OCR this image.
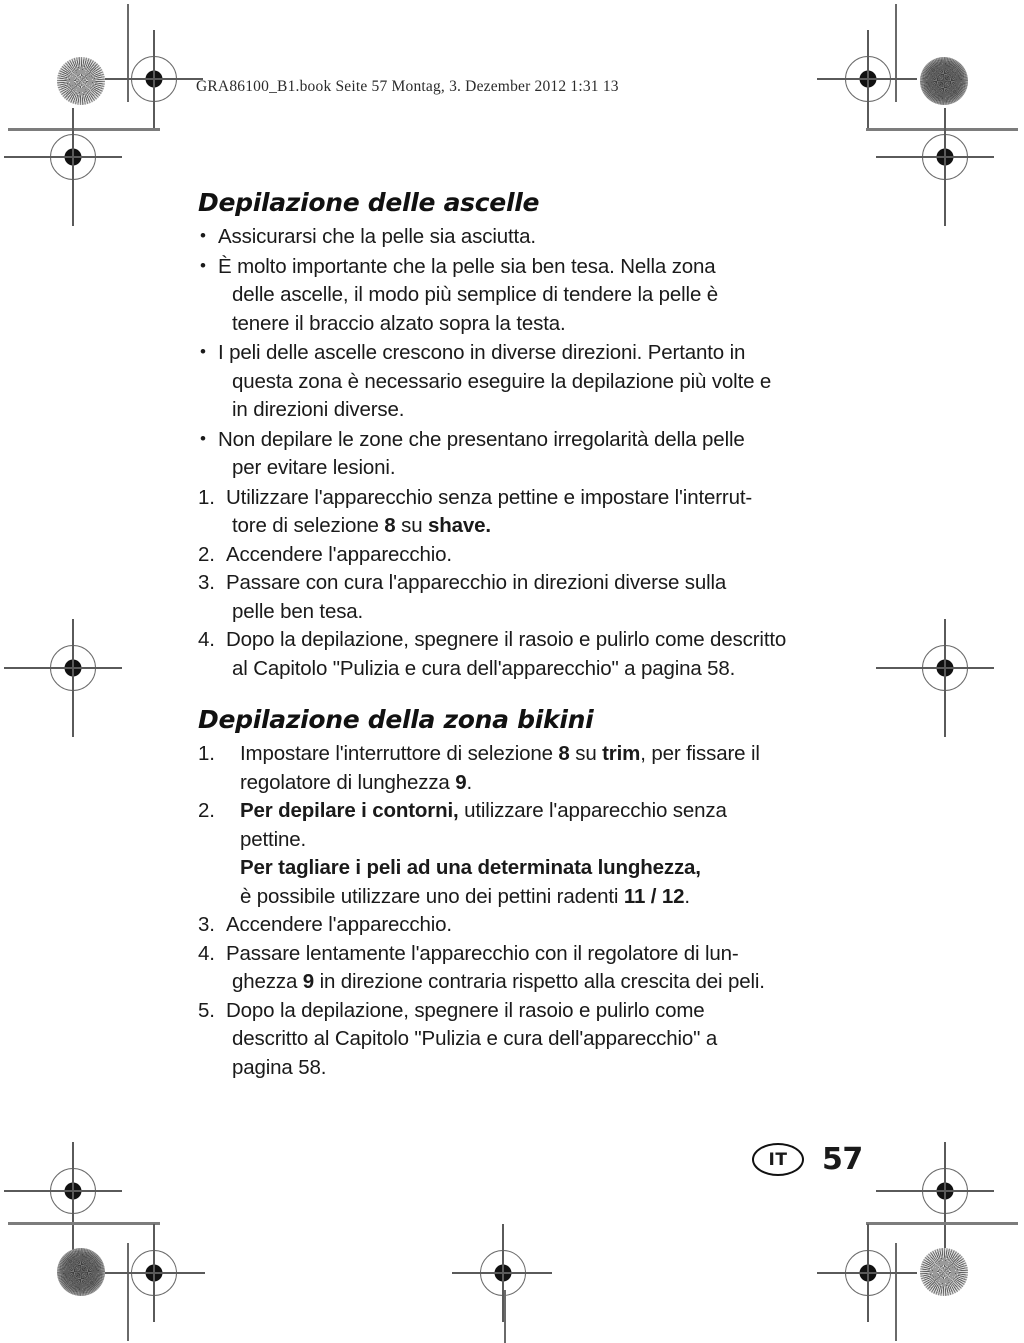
GRA86100_B1.book Seite 57 Montag, 3. Dezember 2012 1:31 13
Depilazione delle ascelle
• Assicurarsi che la pelle sia asciutta.
• È molto importante che la pelle sia ben tesa. Nella zona
delle ascelle, il modo più semplice di tendere la pelle è
tenere il braccio alzato sopra la testa.
• I peli delle ascelle crescono in diverse direzioni. Pertanto in
questa zona è necessario eseguire la depilazione più volte e
in direzioni diverse.
• Non depilare le zone che presentano irregolarità della pelle
per evitare lesioni.
1. Utilizzare l'apparecchio senza pettine e impostare l'interrut-
tore di selezione 8 su shave.
2. Accendere l'apparecchio.
3. Passare con cura l'apparecchio in direzioni diverse sulla
pelle ben tesa.
4. Dopo la depilazione, spegnere il rasoio e pulirlo come descritto
al Capitolo "Pulizia e cura dell'apparecchio" a pagina 58.
Depilazione della zona bikini
1.	Impostare l'interruttore di selezione 8 su trim, per fissare il
regolatore di lunghezza 9.
2.	Per depilare i contorni, utilizzare l'apparecchio senza
pettine.
Per tagliare i peli ad una determinata lunghezza,
è possibile utilizzare uno dei pettini radenti 11 / 12.
3. Accendere l'apparecchio.
4. Passare lentamente l'apparecchio con il regolatore di lun-
ghezza 9 in direzione contraria rispetto alla crescita dei peli.
5. Dopo la depilazione, spegnere il rasoio e pulirlo come
descritto al Capitolo "Pulizia e cura dell'apparecchio" a
pagina 58.
IT	57
